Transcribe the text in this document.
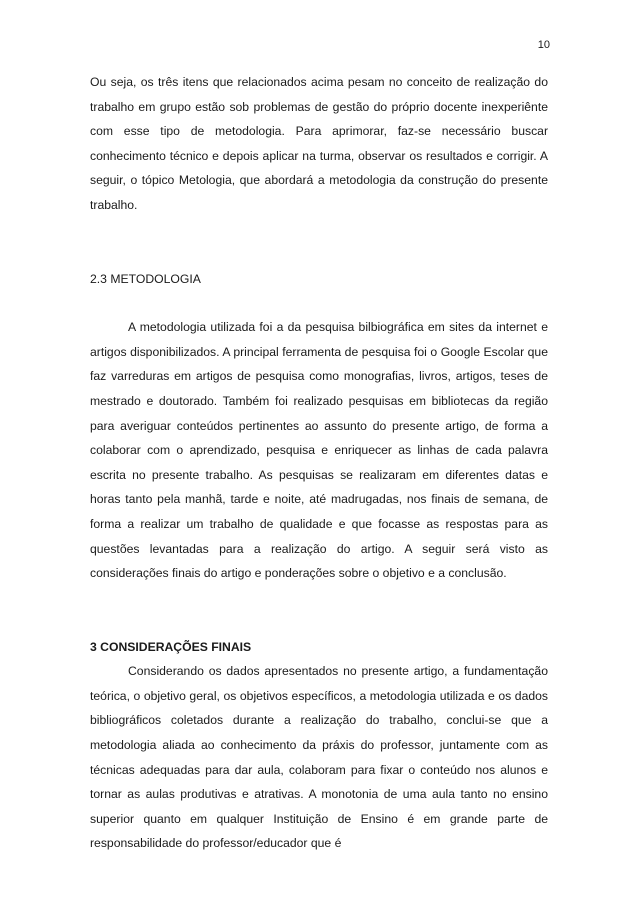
10

Ou seja, os três itens que relacionados acima pesam no conceito de realização do trabalho em grupo estão sob problemas de gestão do próprio docente inexperiênte com esse tipo de metodologia. Para aprimorar, faz-se necessário buscar conhecimento técnico e depois aplicar na turma, observar os resultados e corrigir. A seguir, o tópico Metologia, que abordará a metodologia da construção do presente trabalho.

2.3 METODOLOGIA

A metodologia utilizada foi a da pesquisa bilbiográfica em sites da internet e artigos disponibilizados. A principal ferramenta de pesquisa foi o Google Escolar que faz varreduras em artigos de pesquisa como monografias, livros, artigos, teses de mestrado e doutorado. Também foi realizado pesquisas em bibliotecas da região para averiguar conteúdos pertinentes ao assunto do presente artigo, de forma a colaborar com o aprendizado, pesquisa e enriquecer as linhas de cada palavra escrita no presente trabalho. As pesquisas se realizaram em diferentes datas e horas tanto pela manhã, tarde e noite, até madrugadas, nos finais de semana, de forma a realizar um trabalho de qualidade e que focasse as respostas para as questões levantadas para a realização do artigo. A seguir será visto as considerações finais do artigo e ponderações sobre o objetivo e a conclusão.

3 CONSIDERAÇÕES FINAIS

Considerando os dados apresentados no presente artigo, a fundamentação teórica, o objetivo geral, os objetivos específicos, a metodologia utilizada e os dados bibliográficos coletados durante a realização do trabalho, conclui-se que a metodologia aliada ao conhecimento da práxis do professor, juntamente com as técnicas adequadas para dar aula, colaboram para fixar o conteúdo nos alunos e tornar as aulas produtivas e atrativas. A monotonia de uma aula tanto no ensino superior quanto em qualquer Instituição de Ensino é em grande parte de responsabilidade do professor/educador que é
